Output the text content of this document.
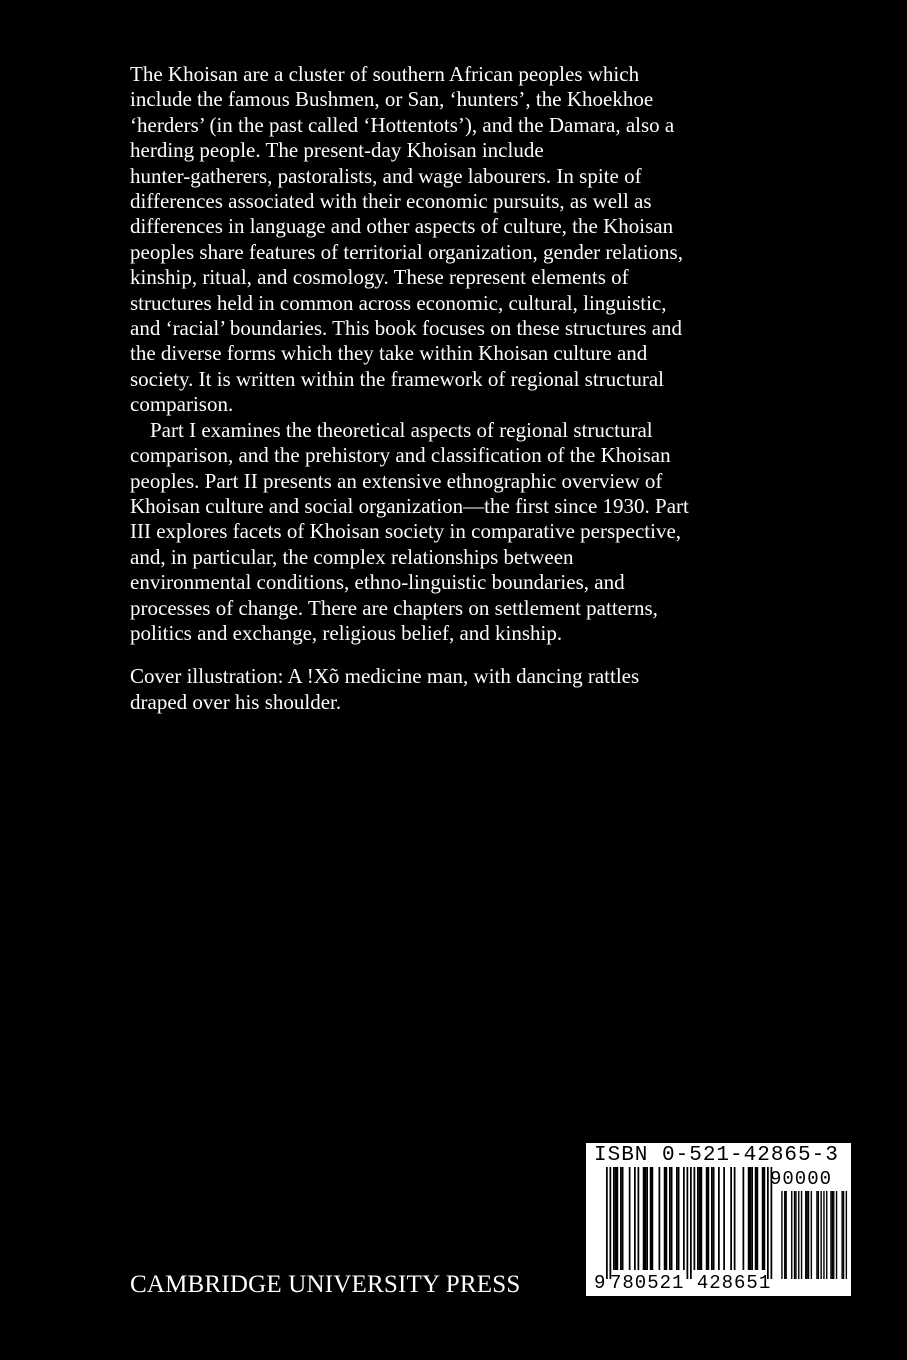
The Khoisan are a cluster of southern African peoples which
include the famous Bushmen, or San, ‘hunters’, the Khoekhoe
‘herders’ (in the past called ‘Hottentots’), and the Damara, also a
herding people. The present-day Khoisan include
hunter-gatherers, pastoralists, and wage labourers. In spite of
differences associated with their economic pursuits, as well as
differences in language and other aspects of culture, the Khoisan
peoples share features of territorial organization, gender relations,
kinship, ritual, and cosmology. These represent elements of
structures held in common across economic, cultural, linguistic,
and ‘racial’ boundaries. This book focuses on these structures and
the diverse forms which they take within Khoisan culture and
society. It is written within the framework of regional structural
comparison.
Part I examines the theoretical aspects of regional structural
comparison, and the prehistory and classification of the Khoisan
peoples. Part II presents an extensive ethnographic overview of
Khoisan culture and social organization—the first since 1930. Part
III explores facets of Khoisan society in comparative perspective,
and, in particular, the complex relationships between
environmental conditions, ethno-linguistic boundaries, and
processes of change. There are chapters on settlement patterns,
politics and exchange, religious belief, and kinship.
Cover illustration: A !Xõ medicine man, with dancing rattles
draped over his shoulder.
CAMBRIDGE UNIVERSITY PRESS
ISBN 0-521-42865-3
90000
9 780521 428651
